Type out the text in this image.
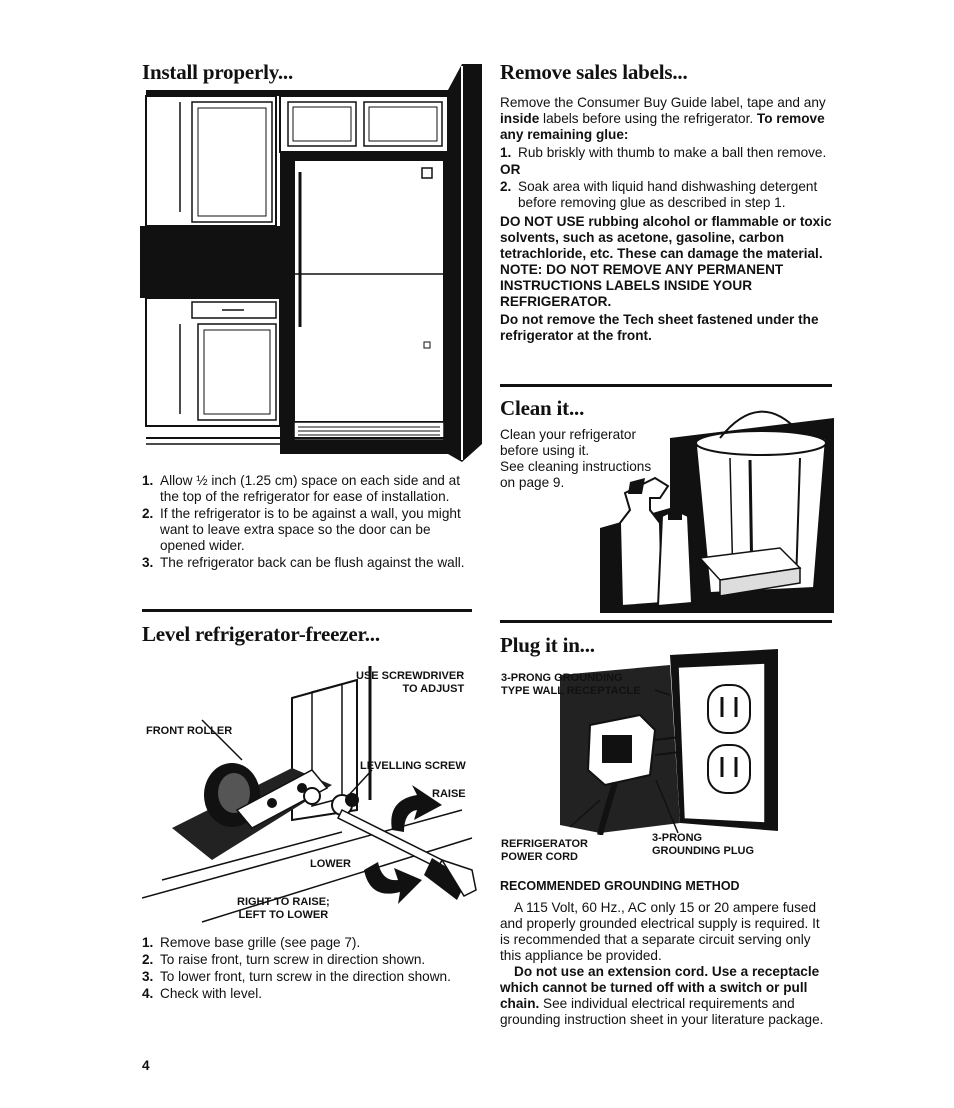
Install properly...
1. Allow ½ inch (1.25 cm) space on each side and at the top of the refrigerator for ease of installation.
2. If the refrigerator is to be against a wall, you might want to leave extra space so the door can be opened wider.
3. The refrigerator back can be flush against the wall.
Level refrigerator-freezer...
USE SCREWDRIVER
TO ADJUST
FRONT ROLLER
LEVELLING SCREW
RAISE
LOWER
RIGHT TO RAISE;
LEFT TO LOWER
1. Remove base grille (see page 7).
2. To raise front, turn screw in direction shown.
3. To lower front, turn screw in the direction shown.
4. Check with level.
4
Remove sales labels...

Remove the Consumer Buy Guide label, tape and any inside labels before using the refrigerator. To remove any remaining glue:

1. Rub briskly with thumb to make a ball then remove.

OR

2. Soak area with liquid hand dishwashing detergent before removing glue as described in step 1.

DO NOT USE rubbing alcohol or flammable or toxic solvents, such as acetone, gasoline, carbon tetrachloride, etc. These can damage the material.

NOTE: DO NOT REMOVE ANY PERMANENT INSTRUCTIONS LABELS INSIDE YOUR REFRIGERATOR.

Do not remove the Tech sheet fastened under the refrigerator at the front.

Clean it...

Clean your refrigerator before using it.

See cleaning instructions on page 9.

Plug it in...
3-PRONG GROUNDING
TYPE WALL RECEPTACLE
REFRIGERATOR
POWER CORD
3-PRONG
GROUNDING PLUG

RECOMMENDED GROUNDING METHOD

A 115 Volt, 60 Hz., AC only 15 or 20 ampere fused and properly grounded electrical supply is required. It is recommended that a separate circuit serving only this appliance be provided.

Do not use an extension cord. Use a receptacle which cannot be turned off with a switch or pull chain. See individual electrical requirements and grounding instruction sheet in your literature package.
